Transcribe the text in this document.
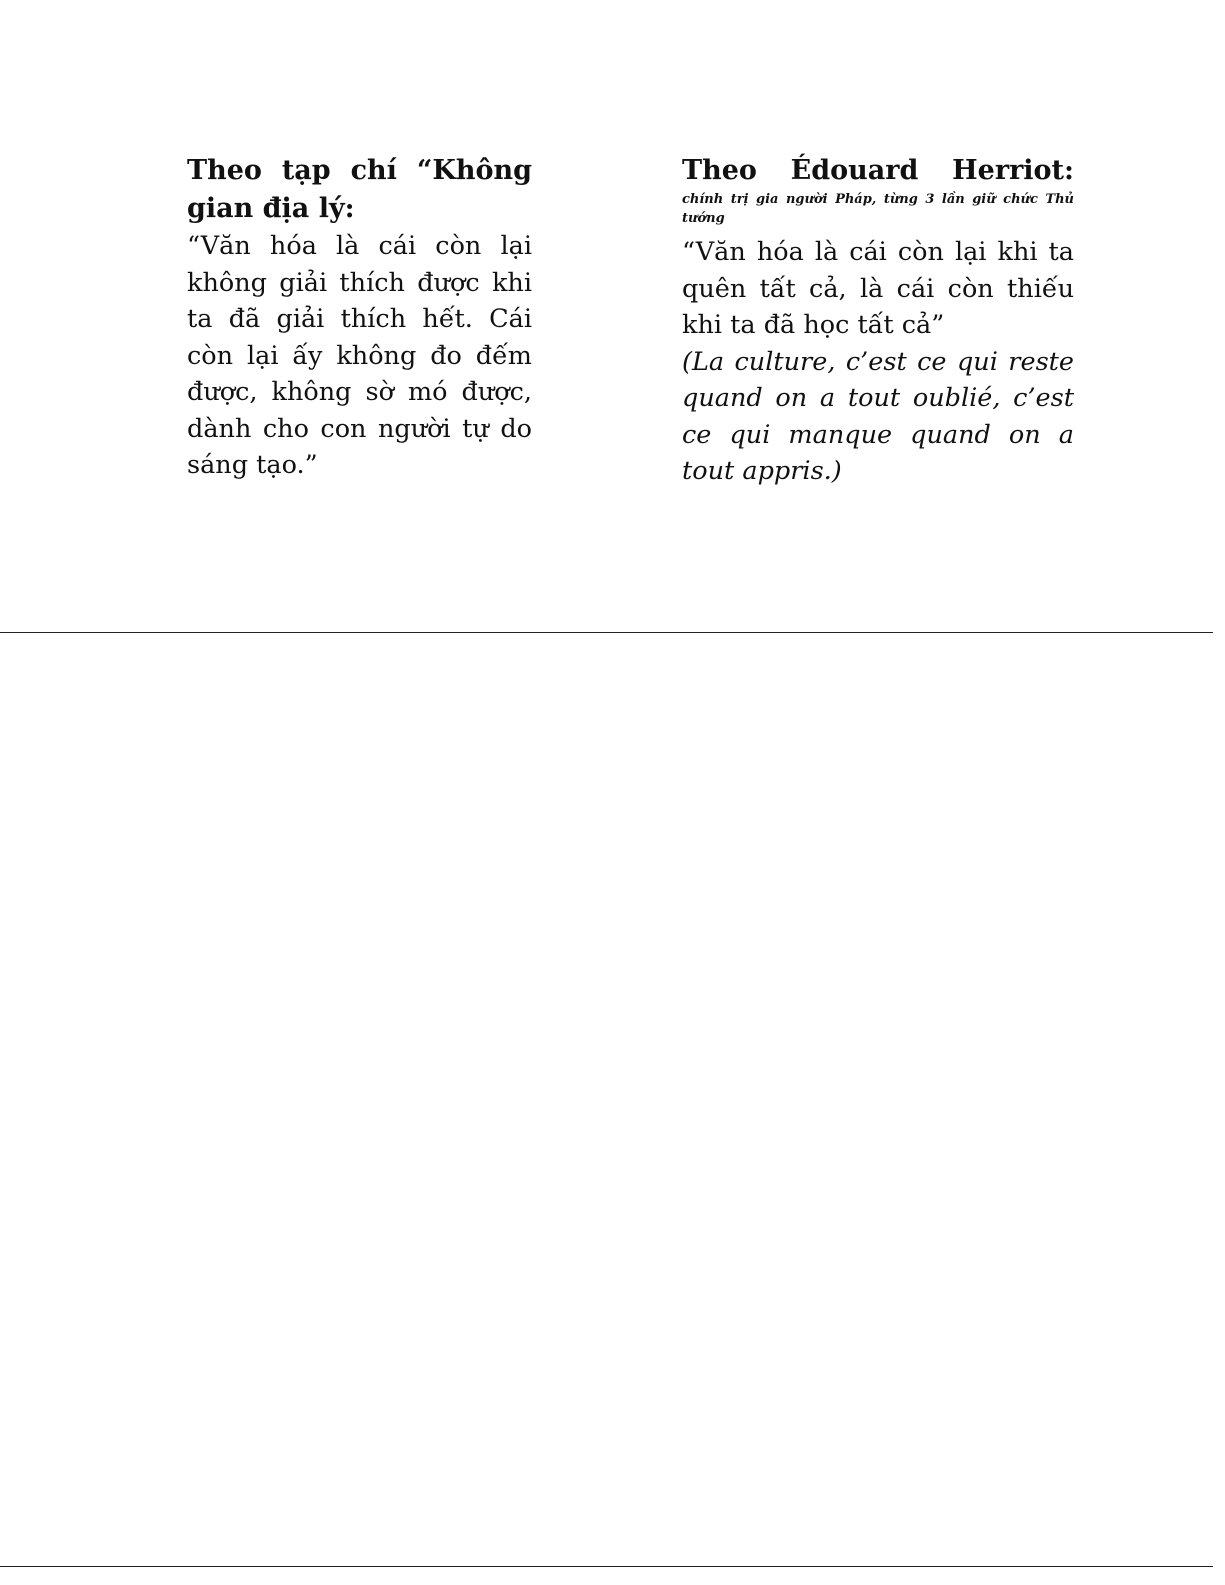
Theo tạp chí “Không gian địa lý:

“Văn hóa là cái còn lại không giải thích được khi ta đã giải thích hết. Cái còn lại ấy không đo đếm được, không sờ mó được, dành cho con người tự do sáng tạo.”

Theo Édouard Herriot:

chính trị gia người Pháp, từng 3 lần giữ chức Thủ tướng

“Văn hóa là cái còn lại khi ta quên tất cả, là cái còn thiếu khi ta đã học tất cả”

(La culture, c’est ce qui reste quand on a tout oublié, c’est ce qui manque quand on a tout appris.)
